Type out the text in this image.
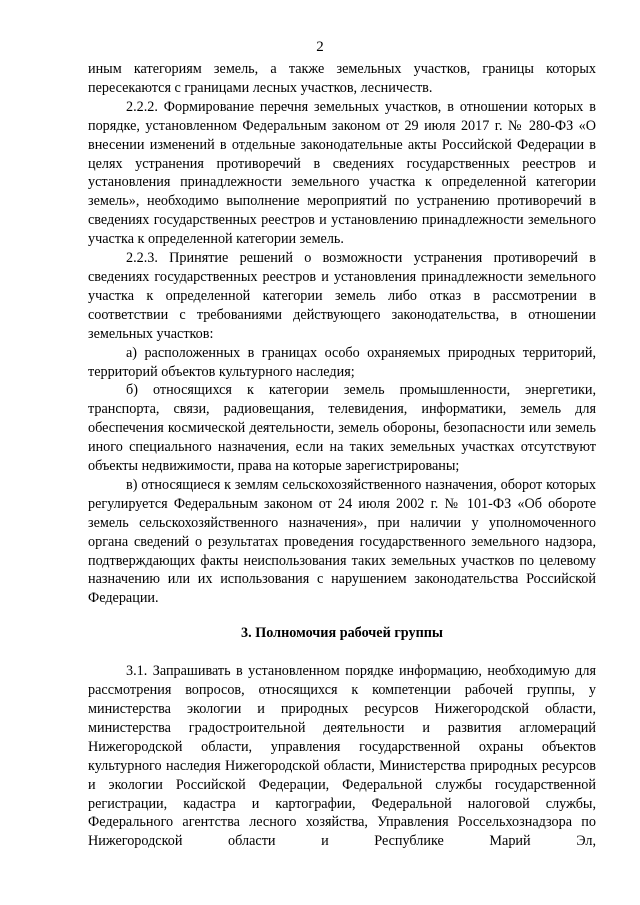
2

иным категориям земель, а также земельных участков, границы которых пересекаются с границами лесных участков, лесничеств.

2.2.2. Формирование перечня земельных участков, в отношении которых в порядке, установленном Федеральным законом от 29 июля 2017 г. № 280-ФЗ «О внесении изменений в отдельные законодательные акты Российской Федерации в целях устранения противоречий в сведениях государственных реестров и установления принадлежности земельного участка к определенной категории земель», необходимо выполнение мероприятий по устранению противоречий в сведениях государственных реестров и установлению принадлежности земельного участка к определенной категории земель.

2.2.3. Принятие решений о возможности устранения противоречий в сведениях государственных реестров и установления принадлежности земельного участка к определенной категории земель либо отказ в рассмотрении в соответствии с требованиями действующего законодательства, в отношении земельных участков:

а) расположенных в границах особо охраняемых природных территорий, территорий объектов культурного наследия;

б) относящихся к категории земель промышленности, энергетики, транспорта, связи, радиовещания, телевидения, информатики, земель для обеспечения космической деятельности, земель обороны, безопасности или земель иного специального назначения, если на таких земельных участках отсутствуют объекты недвижимости, права на которые зарегистрированы;

в) относящиеся к землям сельскохозяйственного назначения, оборот которых регулируется Федеральным законом от 24 июля 2002 г. № 101-ФЗ «Об обороте земель сельскохозяйственного назначения», при наличии у уполномоченного органа сведений о результатах проведения государственного земельного надзора, подтверждающих факты неиспользования таких земельных участков по целевому назначению или их использования с нарушением законодательства Российской Федерации.

3. Полномочия рабочей группы

3.1. Запрашивать в установленном порядке информацию, необходимую для рассмотрения вопросов, относящихся к компетенции рабочей группы, у министерства экологии и природных ресурсов Нижегородской области, министерства градостроительной деятельности и развития агломераций Нижегородской области, управления государственной охраны объектов культурного наследия Нижегородской области, Министерства природных ресурсов и экологии Российской Федерации, Федеральной службы государственной регистрации, кадастра и картографии, Федеральной налоговой службы, Федерального агентства лесного хозяйства, Управления Россельхознадзора по Нижегородской области и Республике Марий Эл,
